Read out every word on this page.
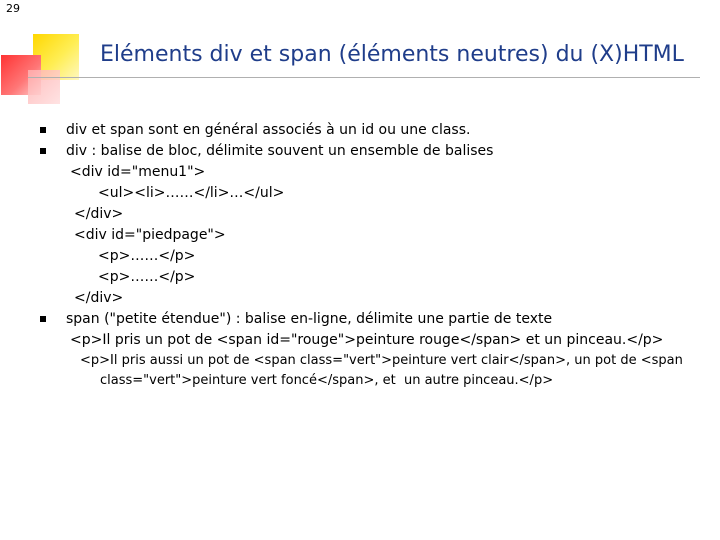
29
Eléments div et span (éléments neutres) du (X)HTML
div et span sont en général associés à un id ou une class.
div : balise de bloc, délimite souvent un ensemble de balises
<div id="menu1">
<ul><li>……</li>…</ul>
</div>
<div id="piedpage">
<p>……</p>
<p>……</p>
</div>
span ("petite étendue") : balise en-ligne, délimite une partie de texte
<p>Il pris un pot de <span id="rouge">peinture rouge</span> et un pinceau.</p>
<p>Il pris aussi un pot de <span class="vert">peinture vert clair</span>, un pot de <span
class="vert">peinture vert foncé</span>, et  un autre pinceau.</p>
